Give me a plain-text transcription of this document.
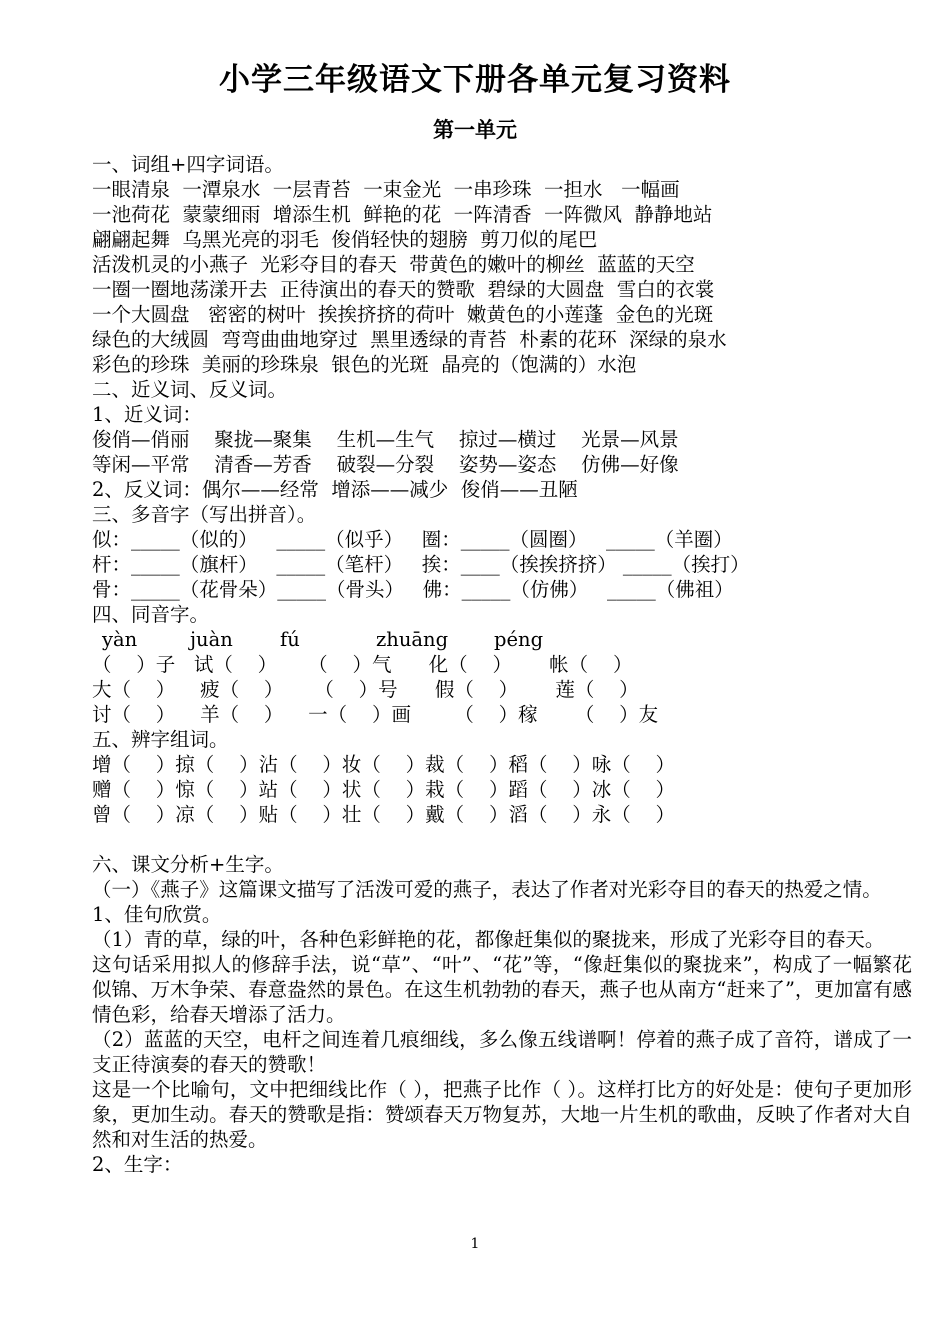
小学三年级语文下册各单元复习资料
第一单元
一、词组+四字词语。
一眼清泉  一潭泉水  一层青苔  一束金光  一串珍珠  一担水   一幅画
一池荷花  蒙蒙细雨  增添生机  鲜艳的花  一阵清香  一阵微风  静静地站
翩翩起舞  乌黑光亮的羽毛  俊俏轻快的翅膀  剪刀似的尾巴
活泼机灵的小燕子  光彩夺目的春天  带黄色的嫩叶的柳丝  蓝蓝的天空
一圈一圈地荡漾开去  正待演出的春天的赞歌  碧绿的大圆盘  雪白的衣裳
一个大圆盘   密密的树叶  挨挨挤挤的荷叶  嫩黄色的小莲蓬  金色的光斑
绿色的大绒圆  弯弯曲曲地穿过  黑里透绿的青苔  朴素的花环  深绿的泉水
彩色的珍珠  美丽的珍珠泉  银色的光斑  晶亮的（饱满的）水泡
二、近义词、反义词。
1、近义词：
俊俏—俏丽    聚拢—聚集    生机—生气    掠过—横过    光景—风景
等闲—平常    清香—芳香    破裂—分裂    姿势—姿态    仿佛—好像
2、反义词：偶尔——经常  增添——减少  俊俏——丑陋
三、多音字（写出拼音）。
似：_____（似的）   _____（似乎）   圈：_____（圆圈）   _____（羊圈）
杆：_____（旗杆）   _____（笔杆）   挨：____（挨挨挤挤） _____（挨打）
骨：_____（花骨朵）_____（骨头）   佛：_____（仿佛）   _____（佛祖）
四、同音字。
yàn	juàn fú	zhuāng péng
（    ）子   试（    ）     （    ）气      化（    ）      帐（    ）
大（    ）    疲（    ）     （    ）号      假（    ）      莲（    ）
讨（    ）    羊（    ）    一（    ）画       （    ）稼      （    ）友
五、辨字组词。
增（    ）掠（    ）沾（    ）妆（    ）裁（    ）稻（    ）咏（    ）
赠（    ）惊（    ）站（    ）状（    ）栽（    ）蹈（    ）冰（    ）
曾（    ）凉（    ）贴（    ）壮（    ）戴（    ）滔（    ）永（    ）
六、课文分析+生字。
（一）《燕子》这篇课文描写了活泼可爱的燕子，表达了作者对光彩夺目的春天的热爱之情。
1、佳句欣赏。
（1）青的草，绿的叶，各种色彩鲜艳的花，都像赶集似的聚拢来，形成了光彩夺目的春天。
这句话采用拟人的修辞手法，说“草”、“叶”、“花”等，“像赶集似的聚拢来”，构成了一幅繁花似锦、万木争荣、春意盎然的景色。在这生机勃勃的春天，燕子也从南方“赶来了”，更加富有感情色彩，给春天增添了活力。
（2）蓝蓝的天空，电杆之间连着几痕细线，多么像五线谱啊！停着的燕子成了音符，谱成了一支正待演奏的春天的赞歌！
这是一个比喻句，文中把细线比作（ ），把燕子比作（ ）。这样打比方的好处是：使句子更加形象，更加生动。春天的赞歌是指：赞颂春天万物复苏，大地一片生机的歌曲，反映了作者对大自然和对生活的热爱。
2、生字：
1
